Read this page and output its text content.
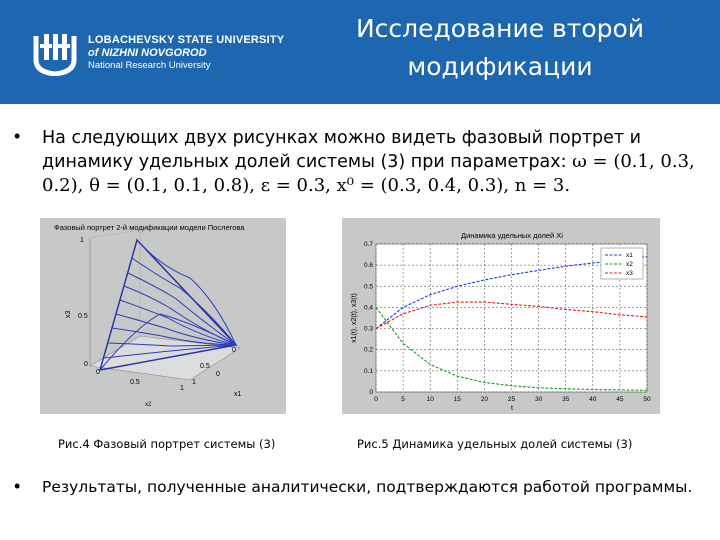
LOBACHEVSKY STATE UNIVERSITY
of NIZHNI NOVGOROD
National Research University
Исследование второй
модификации
• На следующих двух рисунках можно видеть фазовый портрет и динамику удельных долей системы (3) при параметрах: ω = (0.1, 0.3, 0.2), θ = (0.1, 0.1, 0.8), ε = 0.3, x⁰ = (0.3, 0.4, 0.3), n = 3.
Фазовый портрет 2-й модификации модели Послегова
1
0.5
x3
0
0
0.5
1
x2
0
0.5
1
0
x1
Динамика удельных долей Xi
x1(t), x2(t), x3(t)
t
0	5	10	15	20	25	30	35	40	45	50
0
0.1
0.2
0.3
0.4
0.5
0.6
0.7
x1
x2
x3
Рис.4 Фазовый портрет системы (3)	Рис.5 Динамика удельных долей системы (3)
• Результаты, полученные аналитически, подтверждаются работой программы.
